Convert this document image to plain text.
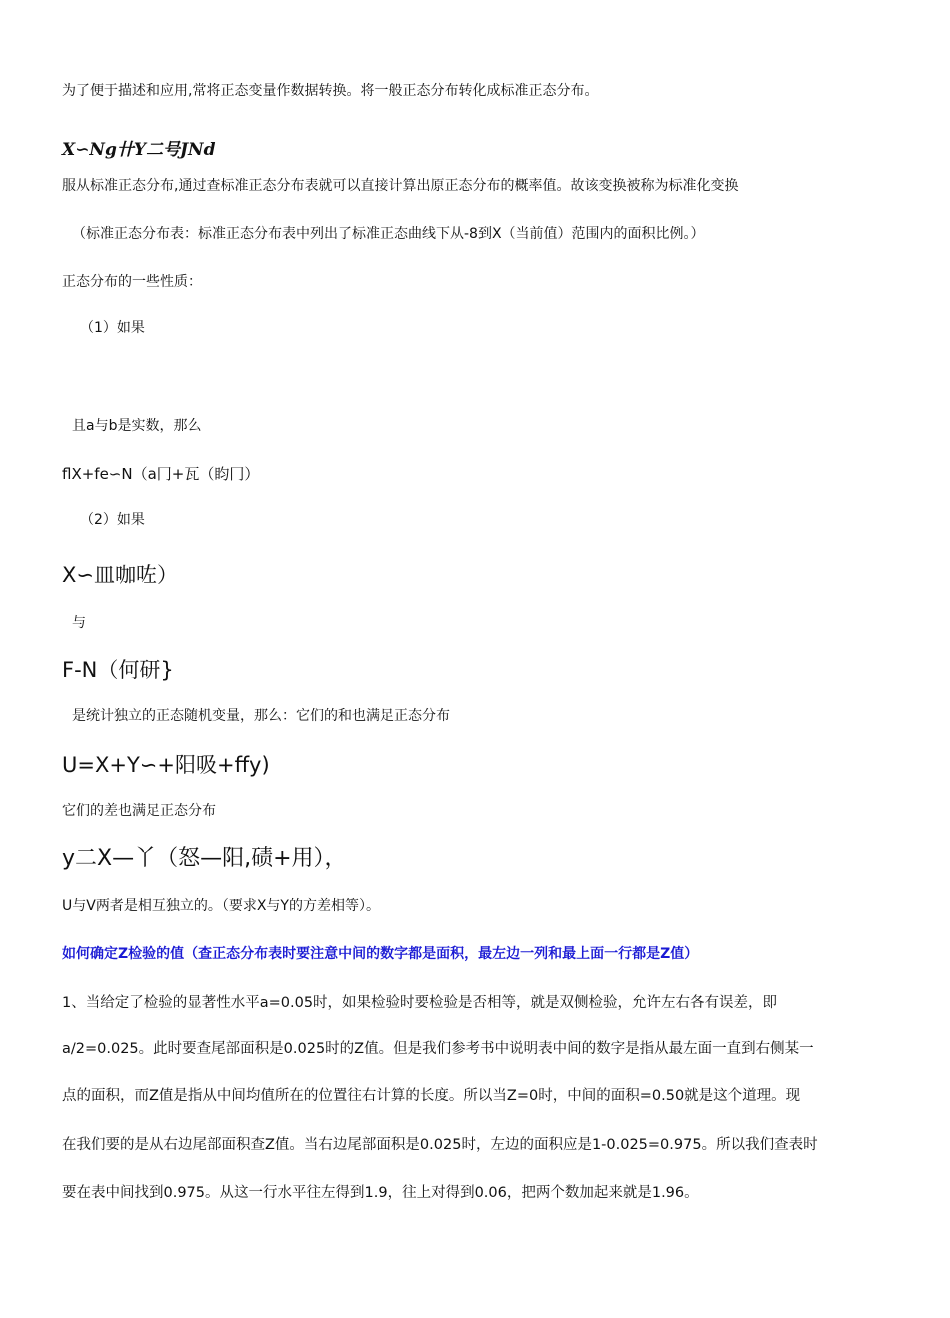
为了便于描述和应用,常将正态变量作数据转换。将一般正态分布转化成标准正态分布。
X∽Ng卄Y二号JNd
服从标准正态分布,通过查标准正态分布表就可以直接计算出原正态分布的概率值。故该变换被称为标准化变换
（标准正态分布表：标准正态分布表中列出了标准正态曲线下从-8到X（当前值）范围内的面积比例。）
正态分布的一些性质：
（1）如果
且a与b是实数，那么
flX+fe∽N（a冂+瓦（盷冂）
（2）如果
X∽皿咖咗）
与
F-N（何研}
是统计独立的正态随机变量，那么：它们的和也满足正态分布
U=X+Y∽+阳吸+ffy)
它们的差也满足正态分布
y二X—丫（怒—阳,碛+用），
U与V两者是相互独立的。（要求X与Y的方差相等）。
如何确定Z检验的值（查正态分布表时要注意中间的数字都是面积，最左边一列和最上面一行都是Z值）
1、当给定了检验的显著性水平a=0.05时，如果检验时要检验是否相等，就是双侧检验，允许左右各有误差，即
a/2=0.025。此时要查尾部面积是0.025时的Z值。但是我们参考书中说明表中间的数字是指从最左面一直到右侧某一
点的面积，而Z值是指从中间均值所在的位置往右计算的长度。所以当Z=0时，中间的面积=0.50就是这个道理。现
在我们要的是从右边尾部面积查Z值。当右边尾部面积是0.025时，左边的面积应是1-0.025=0.975。所以我们查表时
要在表中间找到0.975。从这一行水平往左得到1.9，往上对得到0.06，把两个数加起来就是1.96。
